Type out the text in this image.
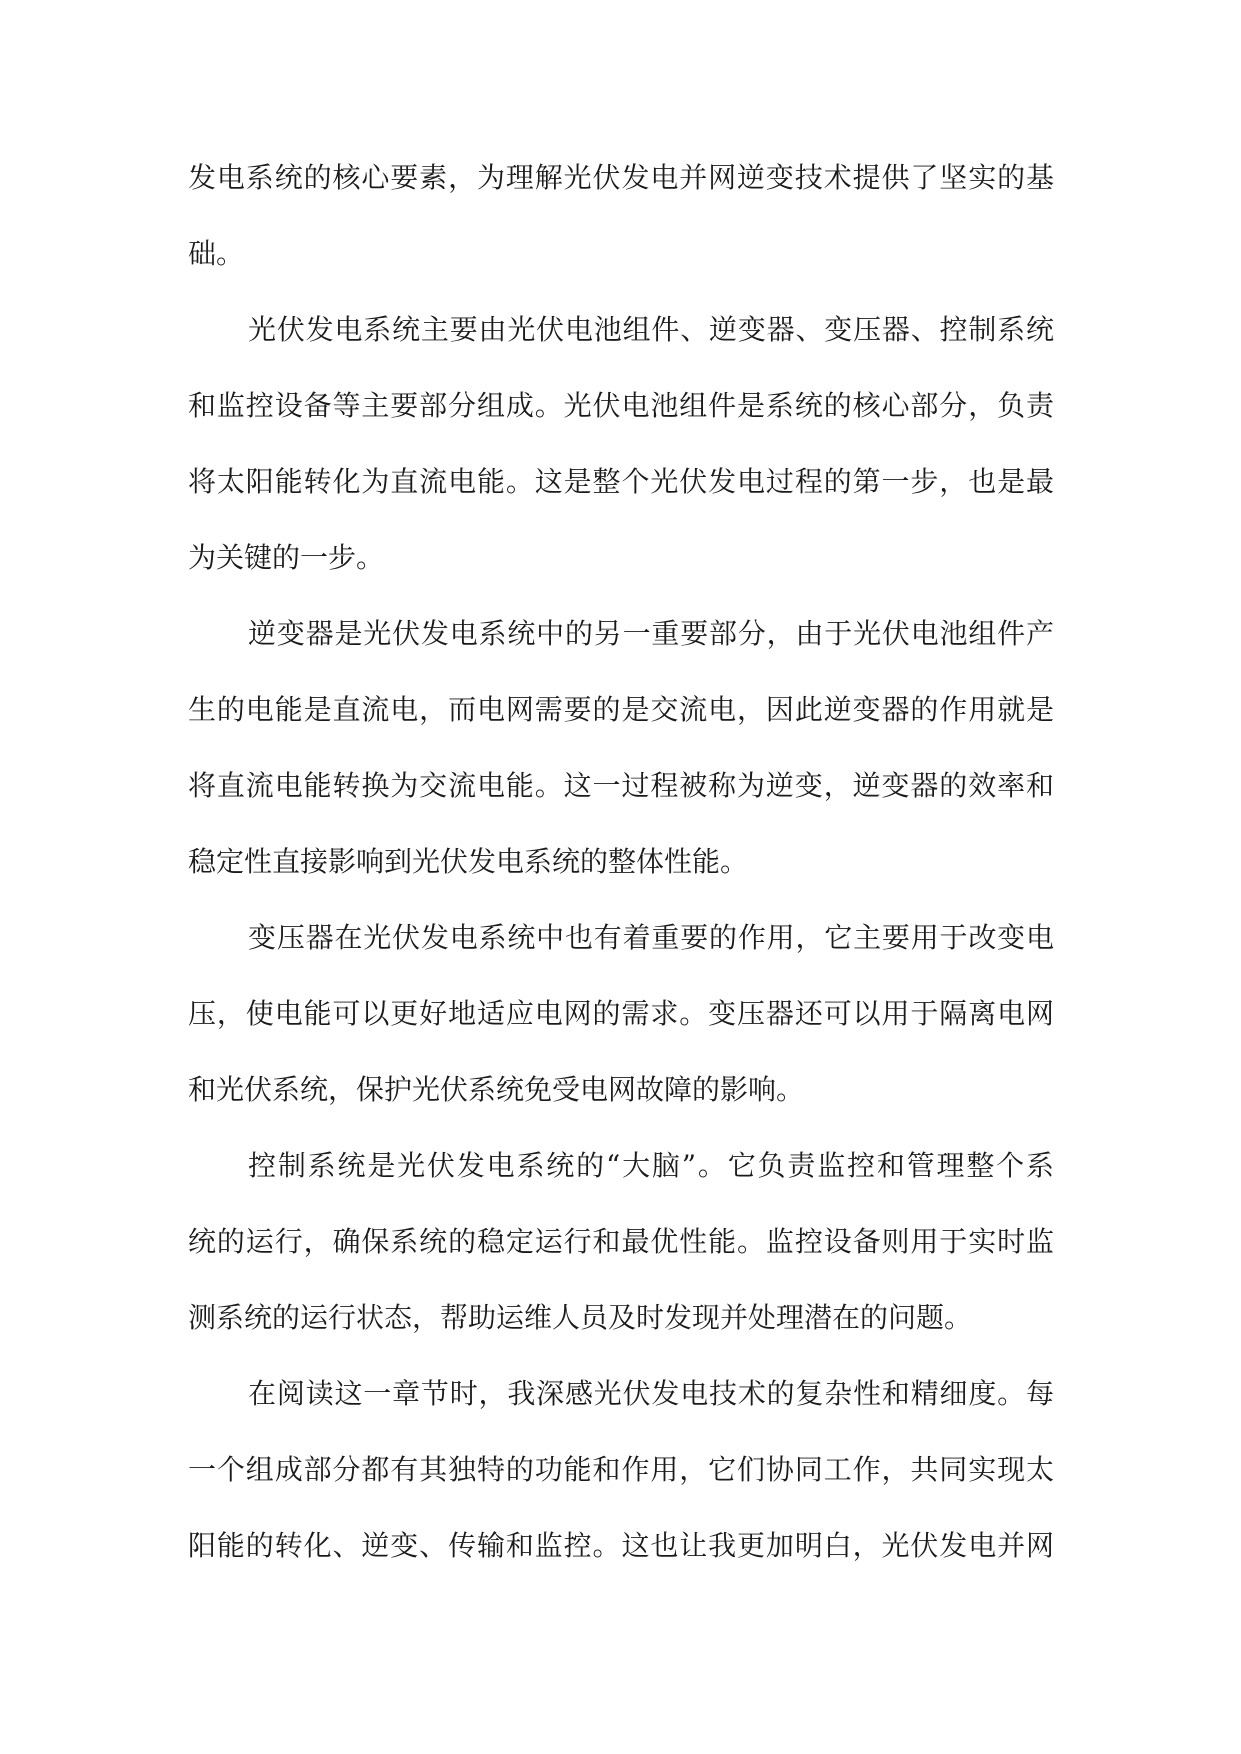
发电系统的核心要素，为理解光伏发电并网逆变技术提供了坚实的基
础。
光伏发电系统主要由光伏电池组件、逆变器、变压器、控制系统
和监控设备等主要部分组成。光伏电池组件是系统的核心部分，负责
将太阳能转化为直流电能。这是整个光伏发电过程的第一步，也是最
为关键的一步。
逆变器是光伏发电系统中的另一重要部分，由于光伏电池组件产
生的电能是直流电，而电网需要的是交流电，因此逆变器的作用就是
将直流电能转换为交流电能。这一过程被称为逆变，逆变器的效率和
稳定性直接影响到光伏发电系统的整体性能。
变压器在光伏发电系统中也有着重要的作用，它主要用于改变电
压，使电能可以更好地适应电网的需求。变压器还可以用于隔离电网
和光伏系统，保护光伏系统免受电网故障的影响。
控制系统是光伏发电系统的“大脑”。它负责监控和管理整个系
统的运行，确保系统的稳定运行和最优性能。监控设备则用于实时监
测系统的运行状态，帮助运维人员及时发现并处理潜在的问题。
在阅读这一章节时，我深感光伏发电技术的复杂性和精细度。每
一个组成部分都有其独特的功能和作用，它们协同工作，共同实现太
阳能的转化、逆变、传输和监控。这也让我更加明白，光伏发电并网
